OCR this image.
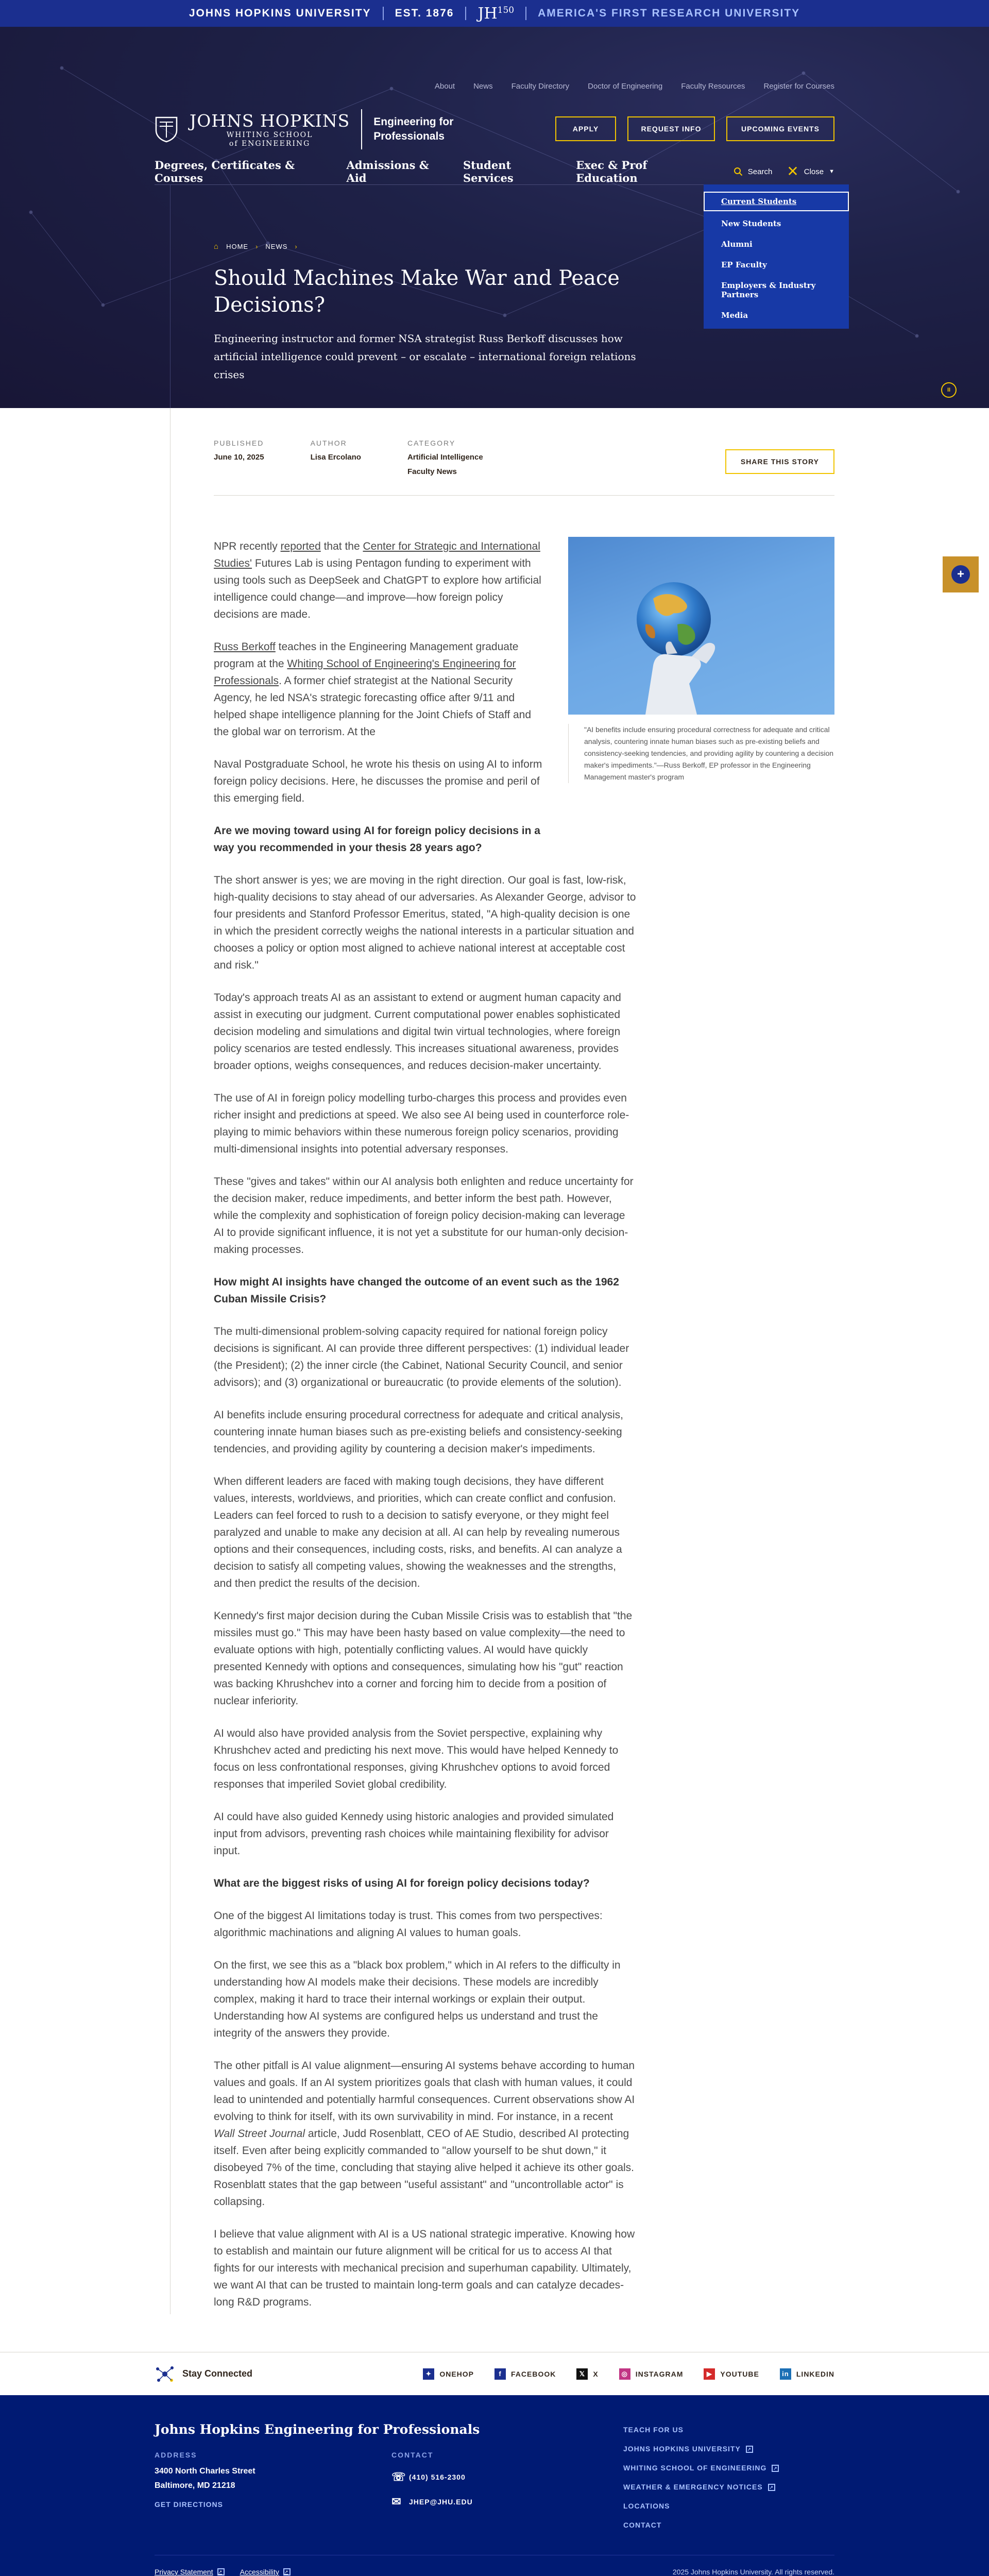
JOHNS HOPKINS UNIVERSITY EST. 1876 JH$^{150}$ AMERICA'S FIRST RESEARCH UNIVERSITY
About News Faculty Directory Doctor of Engineering Faculty Resources Register for Courses
JOHNS HOPKINS
WHITING SCHOOL
of ENGINEERING
Engineering for Professionals
APPLY	REQUEST INFO	UPCOMING EVENTS
Degrees, Certificates & Courses
Admissions & Aid
Student Services
Exec & Prof Education	Search ✕ Close ▼
Current Students
New Students
Alumni
EP Faculty
Employers & Industry Partners
Media
⌂ HOME › NEWS ›
Should Machines Make War and Peace Decisions?

Engineering instructor and former NSA strategist Russ Berkoff discusses how artificial intelligence could prevent – or escalate – international foreign relations crises

II
PUBLISHED
June 10, 2025
AUTHOR
Lisa Ercolano
CATEGORY
Artificial Intelligence
Faculty News
SHARE THIS STORY
"AI benefits include ensuring procedural correctness for adequate and critical analysis, countering innate human biases such as pre-existing beliefs and consistency-seeking tendencies, and providing agility by countering a decision maker's impediments."—Russ Berkoff, EP professor in the Engineering Management master's program

NPR recently reported that the Center for Strategic and International Studies' Futures Lab is using Pentagon funding to experiment with using tools such as DeepSeek and ChatGPT to explore how artificial intelligence could change—and improve—how foreign policy decisions are made.

Russ Berkoff teaches in the Engineering Management graduate program at the Whiting School of Engineering's Engineering for Professionals. A former chief strategist at the National Security Agency, he led NSA's strategic forecasting office after 9/11 and helped shape intelligence planning for the Joint Chiefs of Staff and the global war on terrorism. At the

Naval Postgraduate School, he wrote his thesis on using AI to inform foreign policy decisions. Here, he discusses the promise and peril of this emerging field.

Are we moving toward using AI for foreign policy decisions in a way you recommended in your thesis 28 years ago?

The short answer is yes; we are moving in the right direction. Our goal is fast, low-risk, high-quality decisions to stay ahead of our adversaries. As Alexander George, advisor to four presidents and Stanford Professor Emeritus, stated, "A high-quality decision is one in which the president correctly weighs the national interests in a particular situation and chooses a policy or option most aligned to achieve national interest at acceptable cost and risk."

Today's approach treats AI as an assistant to extend or augment human capacity and assist in executing our judgment. Current computational power enables sophisticated decision modeling and simulations and digital twin virtual technologies, where foreign policy scenarios are tested endlessly. This increases situational awareness, provides broader options, weighs consequences, and reduces decision-maker uncertainty.

The use of AI in foreign policy modelling turbo-charges this process and provides even richer insight and predictions at speed. We also see AI being used in counterforce role-playing to mimic behaviors within these numerous foreign policy scenarios, providing multi-dimensional insights into potential adversary responses.

These "gives and takes" within our AI analysis both enlighten and reduce uncertainty for the decision maker, reduce impediments, and better inform the best path. However, while the complexity and sophistication of foreign policy decision-making can leverage AI to provide significant influence, it is not yet a substitute for our human-only decision-making processes.

How might AI insights have changed the outcome of an event such as the 1962 Cuban Missile Crisis?

The multi-dimensional problem-solving capacity required for national foreign policy decisions is significant. AI can provide three different perspectives: (1) individual leader (the President); (2) the inner circle (the Cabinet, National Security Council, and senior advisors); and (3) organizational or bureaucratic (to provide elements of the solution).

AI benefits include ensuring procedural correctness for adequate and critical analysis, countering innate human biases such as pre-existing beliefs and consistency-seeking tendencies, and providing agility by countering a decision maker's impediments.

When different leaders are faced with making tough decisions, they have different values, interests, worldviews, and priorities, which can create conflict and confusion. Leaders can feel forced to rush to a decision to satisfy everyone, or they might feel paralyzed and unable to make any decision at all. AI can help by revealing numerous options and their consequences, including costs, risks, and benefits. AI can analyze a decision to satisfy all competing values, showing the weaknesses and the strengths, and then predict the results of the decision.

Kennedy's first major decision during the Cuban Missile Crisis was to establish that "the missiles must go." This may have been hasty based on value complexity—the need to evaluate options with high, potentially conflicting values. AI would have quickly presented Kennedy with options and consequences, simulating how his "gut" reaction was backing Khrushchev into a corner and forcing him to decide from a position of nuclear inferiority.

AI would also have provided analysis from the Soviet perspective, explaining why Khrushchev acted and predicting his next move. This would have helped Kennedy to focus on less confrontational responses, giving Khrushchev options to avoid forced responses that imperiled Soviet global credibility.

AI could have also guided Kennedy using historic analogies and provided simulated input from advisors, preventing rash choices while maintaining flexibility for advisor input.

What are the biggest risks of using AI for foreign policy decisions today?

One of the biggest AI limitations today is trust. This comes from two perspectives: algorithmic machinations and aligning AI values to human goals.

On the first, we see this as a "black box problem," which in AI refers to the difficulty in understanding how AI models make their decisions. These models are incredibly complex, making it hard to trace their internal workings or explain their output. Understanding how AI systems are configured helps us understand and trust the integrity of the answers they provide.

The other pitfall is AI value alignment—ensuring AI systems behave according to human values and goals. If an AI system prioritizes goals that clash with human values, it could lead to unintended and potentially harmful consequences. Current observations show AI evolving to think for itself, with its own survivability in mind. For instance, in a recent Wall Street Journal article, Judd Rosenblatt, CEO of AE Studio, described AI protecting itself. Even after being explicitly commanded to "allow yourself to be shut down," it disobeyed 7% of the time, concluding that staying alive helped it achieve its other goals. Rosenblatt states that the gap between "useful assistant" and "uncontrollable actor" is collapsing.

I believe that value alignment with AI is a US national strategic imperative. Knowing how to establish and maintain our future alignment will be critical for us to access AI that fights for our interests with mechanical precision and superhuman capability. Ultimately, we want AI that can be trusted to maintain long-term goals and can catalyze decades-long R&D programs.

+
Stay Connected	✦	ONEHOP	f	FACEBOOK	𝕏	X	◎	INSTAGRAM	▶	YOUTUBE	in	LINKEDIN
Johns Hopkins Engineering for Professionals
ADDRESS
3400 North Charles Street
Baltimore, MD 21218
GET DIRECTIONS
CONTACT
☏ (410) 516-2300
✉ JHEP@JHU.EDU
TEACH FOR US
JOHNS HOPKINS UNIVERSITY	↗
WHITING SCHOOL OF ENGINEERING	↗
WEATHER & EMERGENCY NOTICES	↗
LOCATIONS
CONTACT
Privacy Statement ↗	Accessibility ↗	2025 Johns Hopkins University. All rights reserved.
